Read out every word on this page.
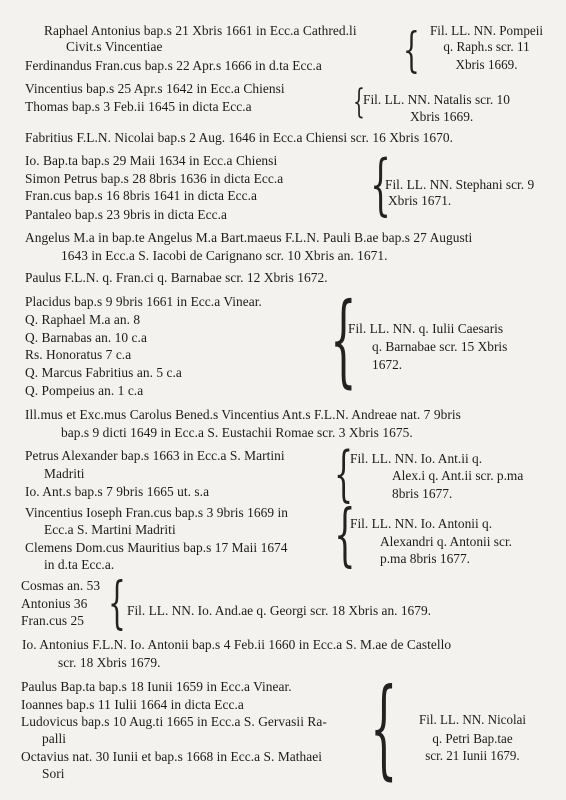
Raphael Antonius bap.s 21 Xbris 1661 in Ecc.a Cathred.li
Civit.s Vincentiae
Ferdinandus Fran.cus bap.s 22 Apr.s 1666 in d.ta Ecc.a { Fil. LL. NN. Pompeii
q. Raph.s scr. 11
Xbris 1669.
Vincentius bap.s 25 Apr.s 1642 in Ecc.a Chiensi
Thomas bap.s 3 Feb.ii 1645 in dicta Ecc.a	{
Fil. LL. NN. Natalis scr. 10
Xbris 1669.
Fabritius F.L.N. Nicolai bap.s 2 Aug. 1646 in Ecc.a Chiensi scr. 16 Xbris 1670.
Io. Bap.ta bap.s 29 Maii 1634 in Ecc.a Chiensi
Simon Petrus bap.s 28 8bris 1636 in dicta Ecc.a
Fran.cus bap.s 16 8bris 1641 in dicta Ecc.a
Pantaleo bap.s 23 9bris in dicta Ecc.a {
Fil. LL. NN. Stephani scr. 9
Xbris 1671.
Angelus M.a in bap.te Angelus M.a Bart.maeus F.L.N. Pauli B.ae bap.s 27 Augusti
1643 in Ecc.a S. Iacobi de Carignano scr. 10 Xbris an. 1671.
Paulus F.L.N. q. Fran.ci q. Barnabae scr. 12 Xbris 1672.
Placidus bap.s 9 9bris 1661 in Ecc.a Vinear.
Q. Raphael M.a an. 8
Q. Barnabas an. 10 c.a
Rs. Honoratus 7 c.a
Q. Marcus Fabritius an. 5 c.a
Q. Pompeius an. 1 c.a {
Fil. LL. NN. q. Iulii Caesaris
q. Barnabae scr. 15 Xbris
1672.
Ill.mus et Exc.mus Carolus Bened.s Vincentius Ant.s F.L.N. Andreae nat. 7 9bris
bap.s 9 dicti 1649 in Ecc.a S. Eustachii Romae scr. 3 Xbris 1675.
Petrus Alexander bap.s 1663 in Ecc.a S. Martini
Madriti
Io. Ant.s bap.s 7 9bris 1665 ut. s.a {
Fil. LL. NN. Io. Ant.ii q.
Alex.i q. Ant.ii scr. p.ma
8bris 1677.
Vincentius Ioseph Fran.cus bap.s 3 9bris 1669 in
Ecc.a S. Martini Madriti
Clemens Dom.cus Mauritius bap.s 17 Maii 1674
in d.ta Ecc.a.	{
Fil. LL. NN. Io. Antonii q.
Alexandri q. Antonii scr.
p.ma 8bris 1677.
Cosmas an. 53
Antonius 36
Fran.cus 25 { Fil. LL. NN. Io. And.ae q. Georgi scr. 18 Xbris an. 1679.
Io. Antonius F.L.N. Io. Antonii bap.s 4 Feb.ii 1660 in Ecc.a S. M.ae de Castello
scr. 18 Xbris 1679.
Paulus Bap.ta bap.s 18 Iunii 1659 in Ecc.a Vinear.
Ioannes bap.s 11 Iulii 1664 in dicta Ecc.a
Ludovicus bap.s 10 Aug.ti 1665 in Ecc.a S. Gervasii Ra-
palli
Octavius nat. 30 Iunii et bap.s 1668 in Ecc.a S. Mathaei
Sori	{	Fil. LL. NN. Nicolai
q. Petri Bap.tae
scr. 21 Iunii 1679.
